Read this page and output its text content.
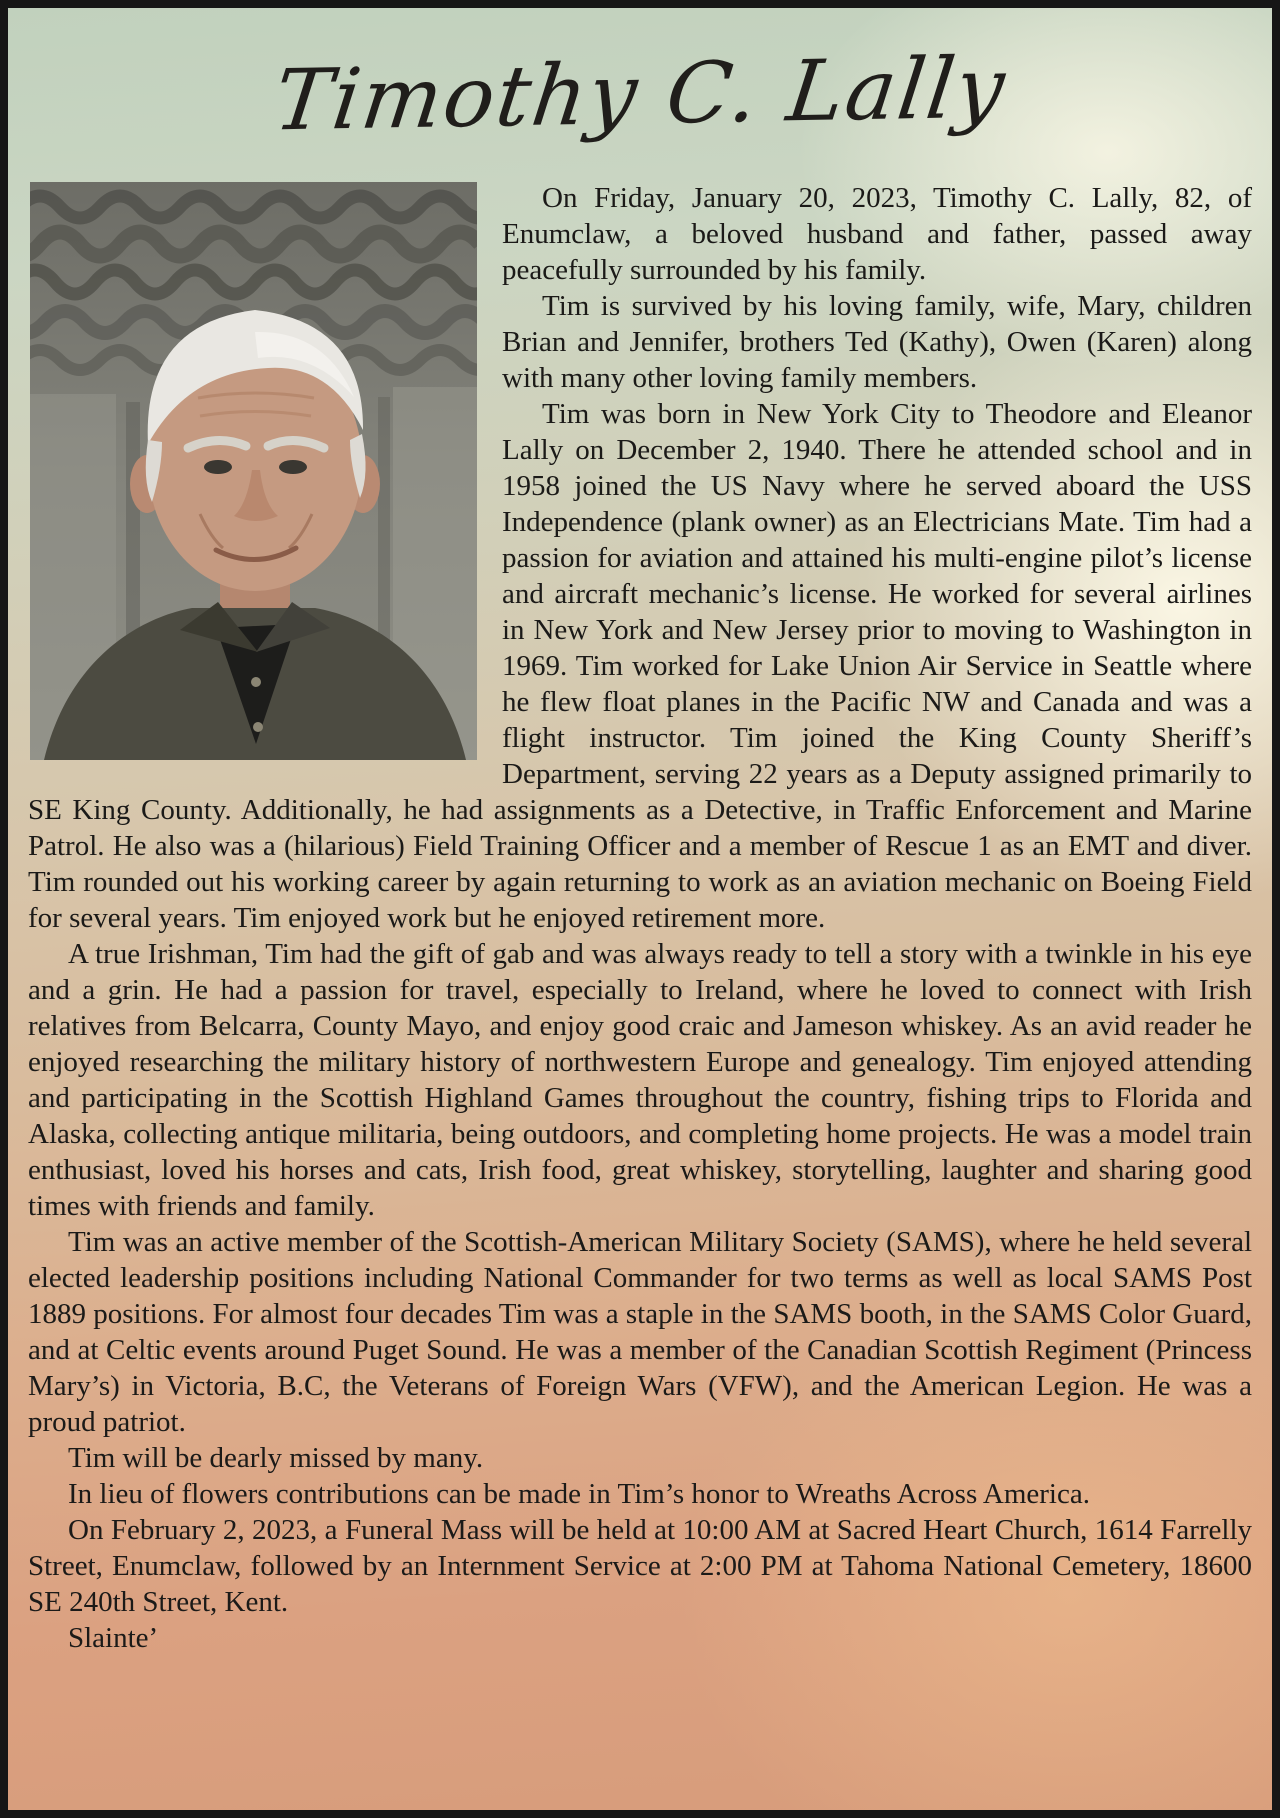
Timothy C. Lally

On Friday, January 20, 2023, Timothy C. Lally, 82, of Enumclaw, a beloved husband and father, passed away peacefully surrounded by his family.

Tim is survived by his loving family, wife, Mary, children Brian and Jennifer, brothers Ted (Kathy), Owen (Karen) along with many other loving family members.

Tim was born in New York City to Theodore and Eleanor Lally on December 2, 1940. There he attended school and in 1958 joined the US Navy where he served aboard the USS Independence (plank owner) as an Electricians Mate. Tim had a passion for aviation and attained his multi-engine pilot’s license and aircraft mechanic’s license. He worked for several airlines in New York and New Jersey prior to moving to Washington in 1969. Tim worked for Lake Union Air Service in Seattle where he flew float planes in the Pacific NW and Canada and was a flight instructor. Tim joined the King County Sheriff’s Department, serving 22 years as a Deputy assigned primarily to SE King County. Additionally, he had assignments as a Detective, in Traffic Enforcement and Marine Patrol. He also was a (hilarious) Field Training Officer and a member of Rescue 1 as an EMT and diver. Tim rounded out his working career by again returning to work as an aviation mechanic on Boeing Field for several years. Tim enjoyed work but he enjoyed retirement more.

A true Irishman, Tim had the gift of gab and was always ready to tell a story with a twinkle in his eye and a grin. He had a passion for travel, especially to Ireland, where he loved to connect with Irish relatives from Belcarra, County Mayo, and enjoy good craic and Jameson whiskey. As an avid reader he enjoyed researching the military history of northwestern Europe and genealogy. Tim enjoyed attending and participating in the Scottish Highland Games throughout the country, fishing trips to Florida and Alaska, collecting antique militaria, being outdoors, and completing home projects. He was a model train enthusiast, loved his horses and cats, Irish food, great whiskey, storytelling, laughter and sharing good times with friends and family.

Tim was an active member of the Scottish-American Military Society (SAMS), where he held several elected leadership positions including National Commander for two terms as well as local SAMS Post 1889 positions. For almost four decades Tim was a staple in the SAMS booth, in the SAMS Color Guard, and at Celtic events around Puget Sound. He was a member of the Canadian Scottish Regiment (Princess Mary’s) in Victoria, B.C, the Veterans of Foreign Wars (VFW), and the American Legion. He was a proud patriot.

Tim will be dearly missed by many.

In lieu of flowers contributions can be made in Tim’s honor to Wreaths Across America.

On February 2, 2023, a Funeral Mass will be held at 10:00 AM at Sacred Heart Church, 1614 Farrelly Street, Enumclaw, followed by an Internment Service at 2:00 PM at Tahoma National Cemetery, 18600 SE 240th Street, Kent.

Slainte’
